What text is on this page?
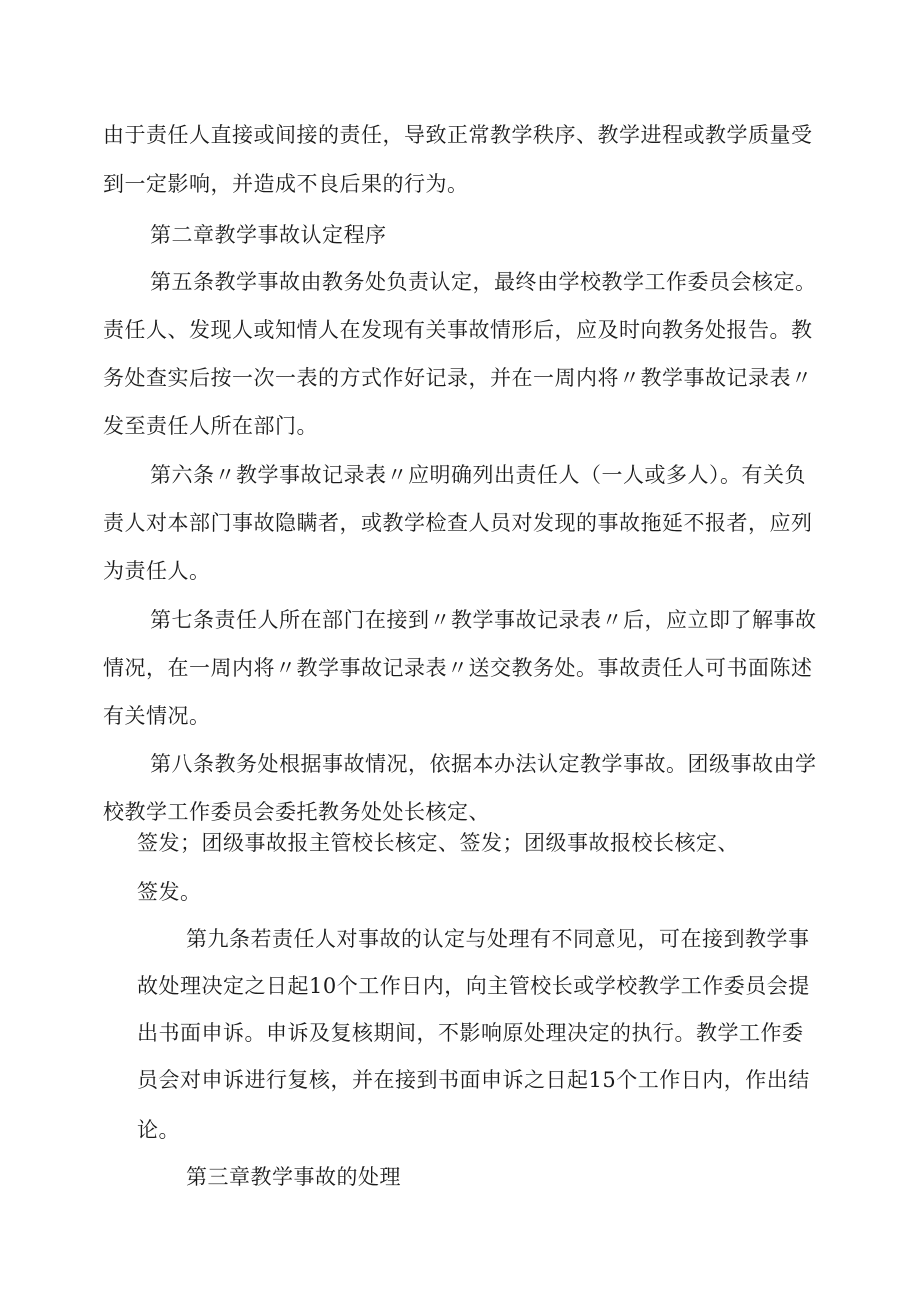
由于责任人直接或间接的责任，导致正常教学秩序、教学进程或教学质量受
到一定影响，并造成不良后果的行为。
第二章教学事故认定程序
第五条教学事故由教务处负责认定，最终由学校教学工作委员会核定。
责任人、发现人或知情人在发现有关事故情形后，应及时向教务处报告。教
务处查实后按一次一表的方式作好记录，并在一周内将〃教学事故记录表〃
发至责任人所在部门。
第六条〃教学事故记录表〃应明确列出责任人（一人或多人）。有关负
责人对本部门事故隐瞒者，或教学检查人员对发现的事故拖延不报者，应列
为责任人。
第七条责任人所在部门在接到〃教学事故记录表〃后，应立即了解事故
情况，在一周内将〃教学事故记录表〃送交教务处。事故责任人可书面陈述
有关情况。
第八条教务处根据事故情况，依据本办法认定教学事故。团级事故由学
校教学工作委员会委托教务处处长核定、
签发；团级事故报主管校长核定、签发；团级事故报校长核定、
签发。
第九条若责任人对事故的认定与处理有不同意见，可在接到教学事
故处理决定之日起10个工作日内，向主管校长或学校教学工作委员会提
出书面申诉。申诉及复核期间，不影响原处理决定的执行。教学工作委
员会对申诉进行复核，并在接到书面申诉之日起15个工作日内，作出结
论。
第三章教学事故的处理
